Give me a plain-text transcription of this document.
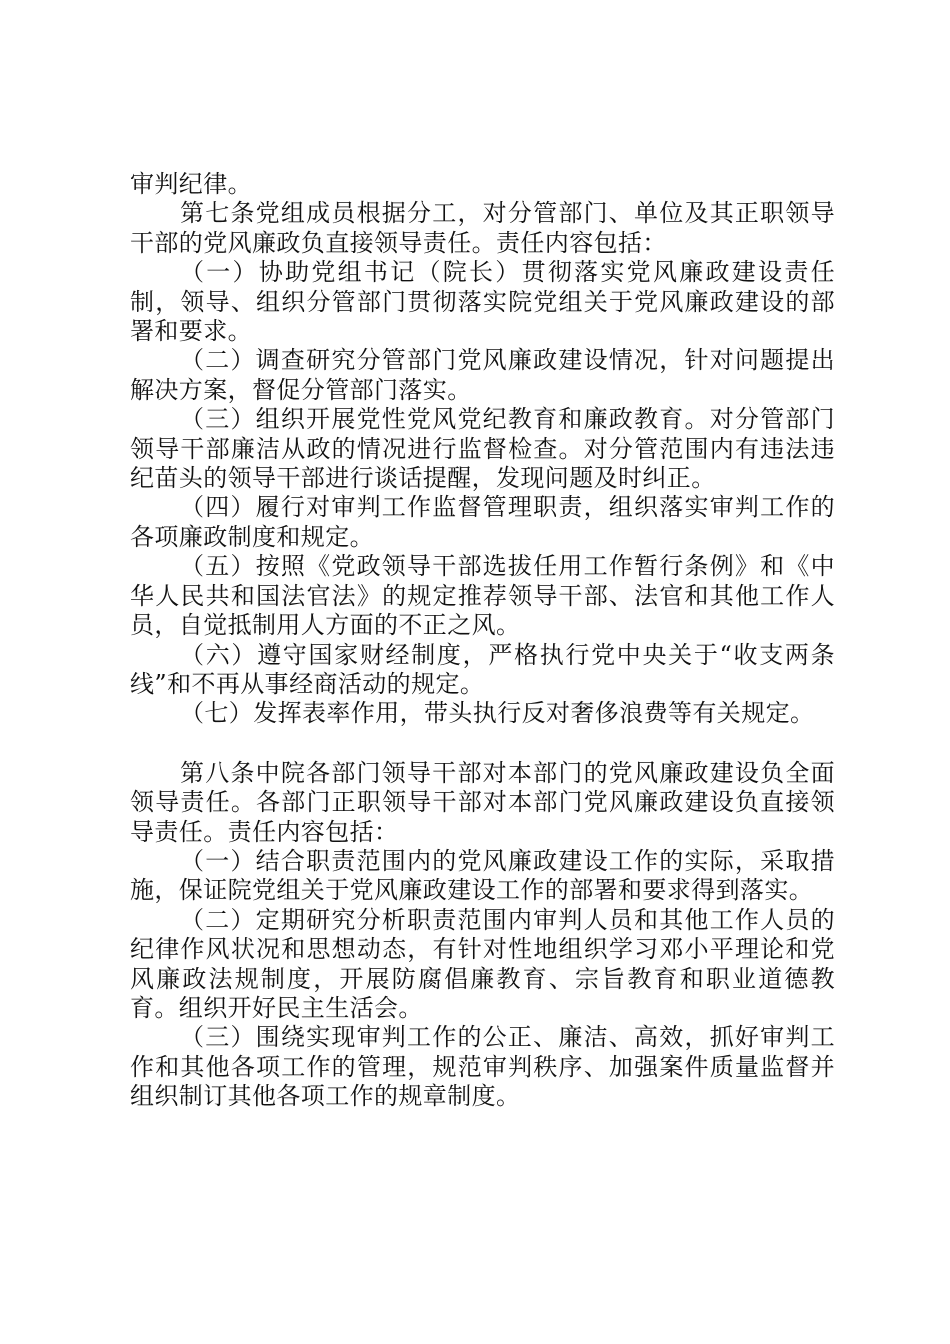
审判纪律。

第七条党组成员根据分工，对分管部门、单位及其正职领导干部的党风廉政负直接领导责任。责任内容包括：

（一）协助党组书记（院长）贯彻落实党风廉政建设责任制，领导、组织分管部门贯彻落实院党组关于党风廉政建设的部署和要求。

（二）调查研究分管部门党风廉政建设情况，针对问题提出解决方案，督促分管部门落实。

（三）组织开展党性党风党纪教育和廉政教育。对分管部门领导干部廉洁从政的情况进行监督检查。对分管范围内有违法违纪苗头的领导干部进行谈话提醒，发现问题及时纠正。

（四）履行对审判工作监督管理职责，组织落实审判工作的各项廉政制度和规定。

（五）按照《党政领导干部选拔任用工作暂行条例》和《中华人民共和国法官法》的规定推荐领导干部、法官和其他工作人员，自觉抵制用人方面的不正之风。

（六）遵守国家财经制度，严格执行党中央关于“收支两条线”和不再从事经商活动的规定。

（七）发挥表率作用，带头执行反对奢侈浪费等有关规定。

第八条中院各部门领导干部对本部门的党风廉政建设负全面领导责任。各部门正职领导干部对本部门党风廉政建设负直接领导责任。责任内容包括：

（一）结合职责范围内的党风廉政建设工作的实际，采取措施，保证院党组关于党风廉政建设工作的部署和要求得到落实。

（二）定期研究分析职责范围内审判人员和其他工作人员的纪律作风状况和思想动态，有针对性地组织学习邓小平理论和党风廉政法规制度，开展防腐倡廉教育、宗旨教育和职业道德教育。组织开好民主生活会。

（三）围绕实现审判工作的公正、廉洁、高效，抓好审判工作和其他各项工作的管理，规范审判秩序、加强案件质量监督并组织制订其他各项工作的规章制度。
